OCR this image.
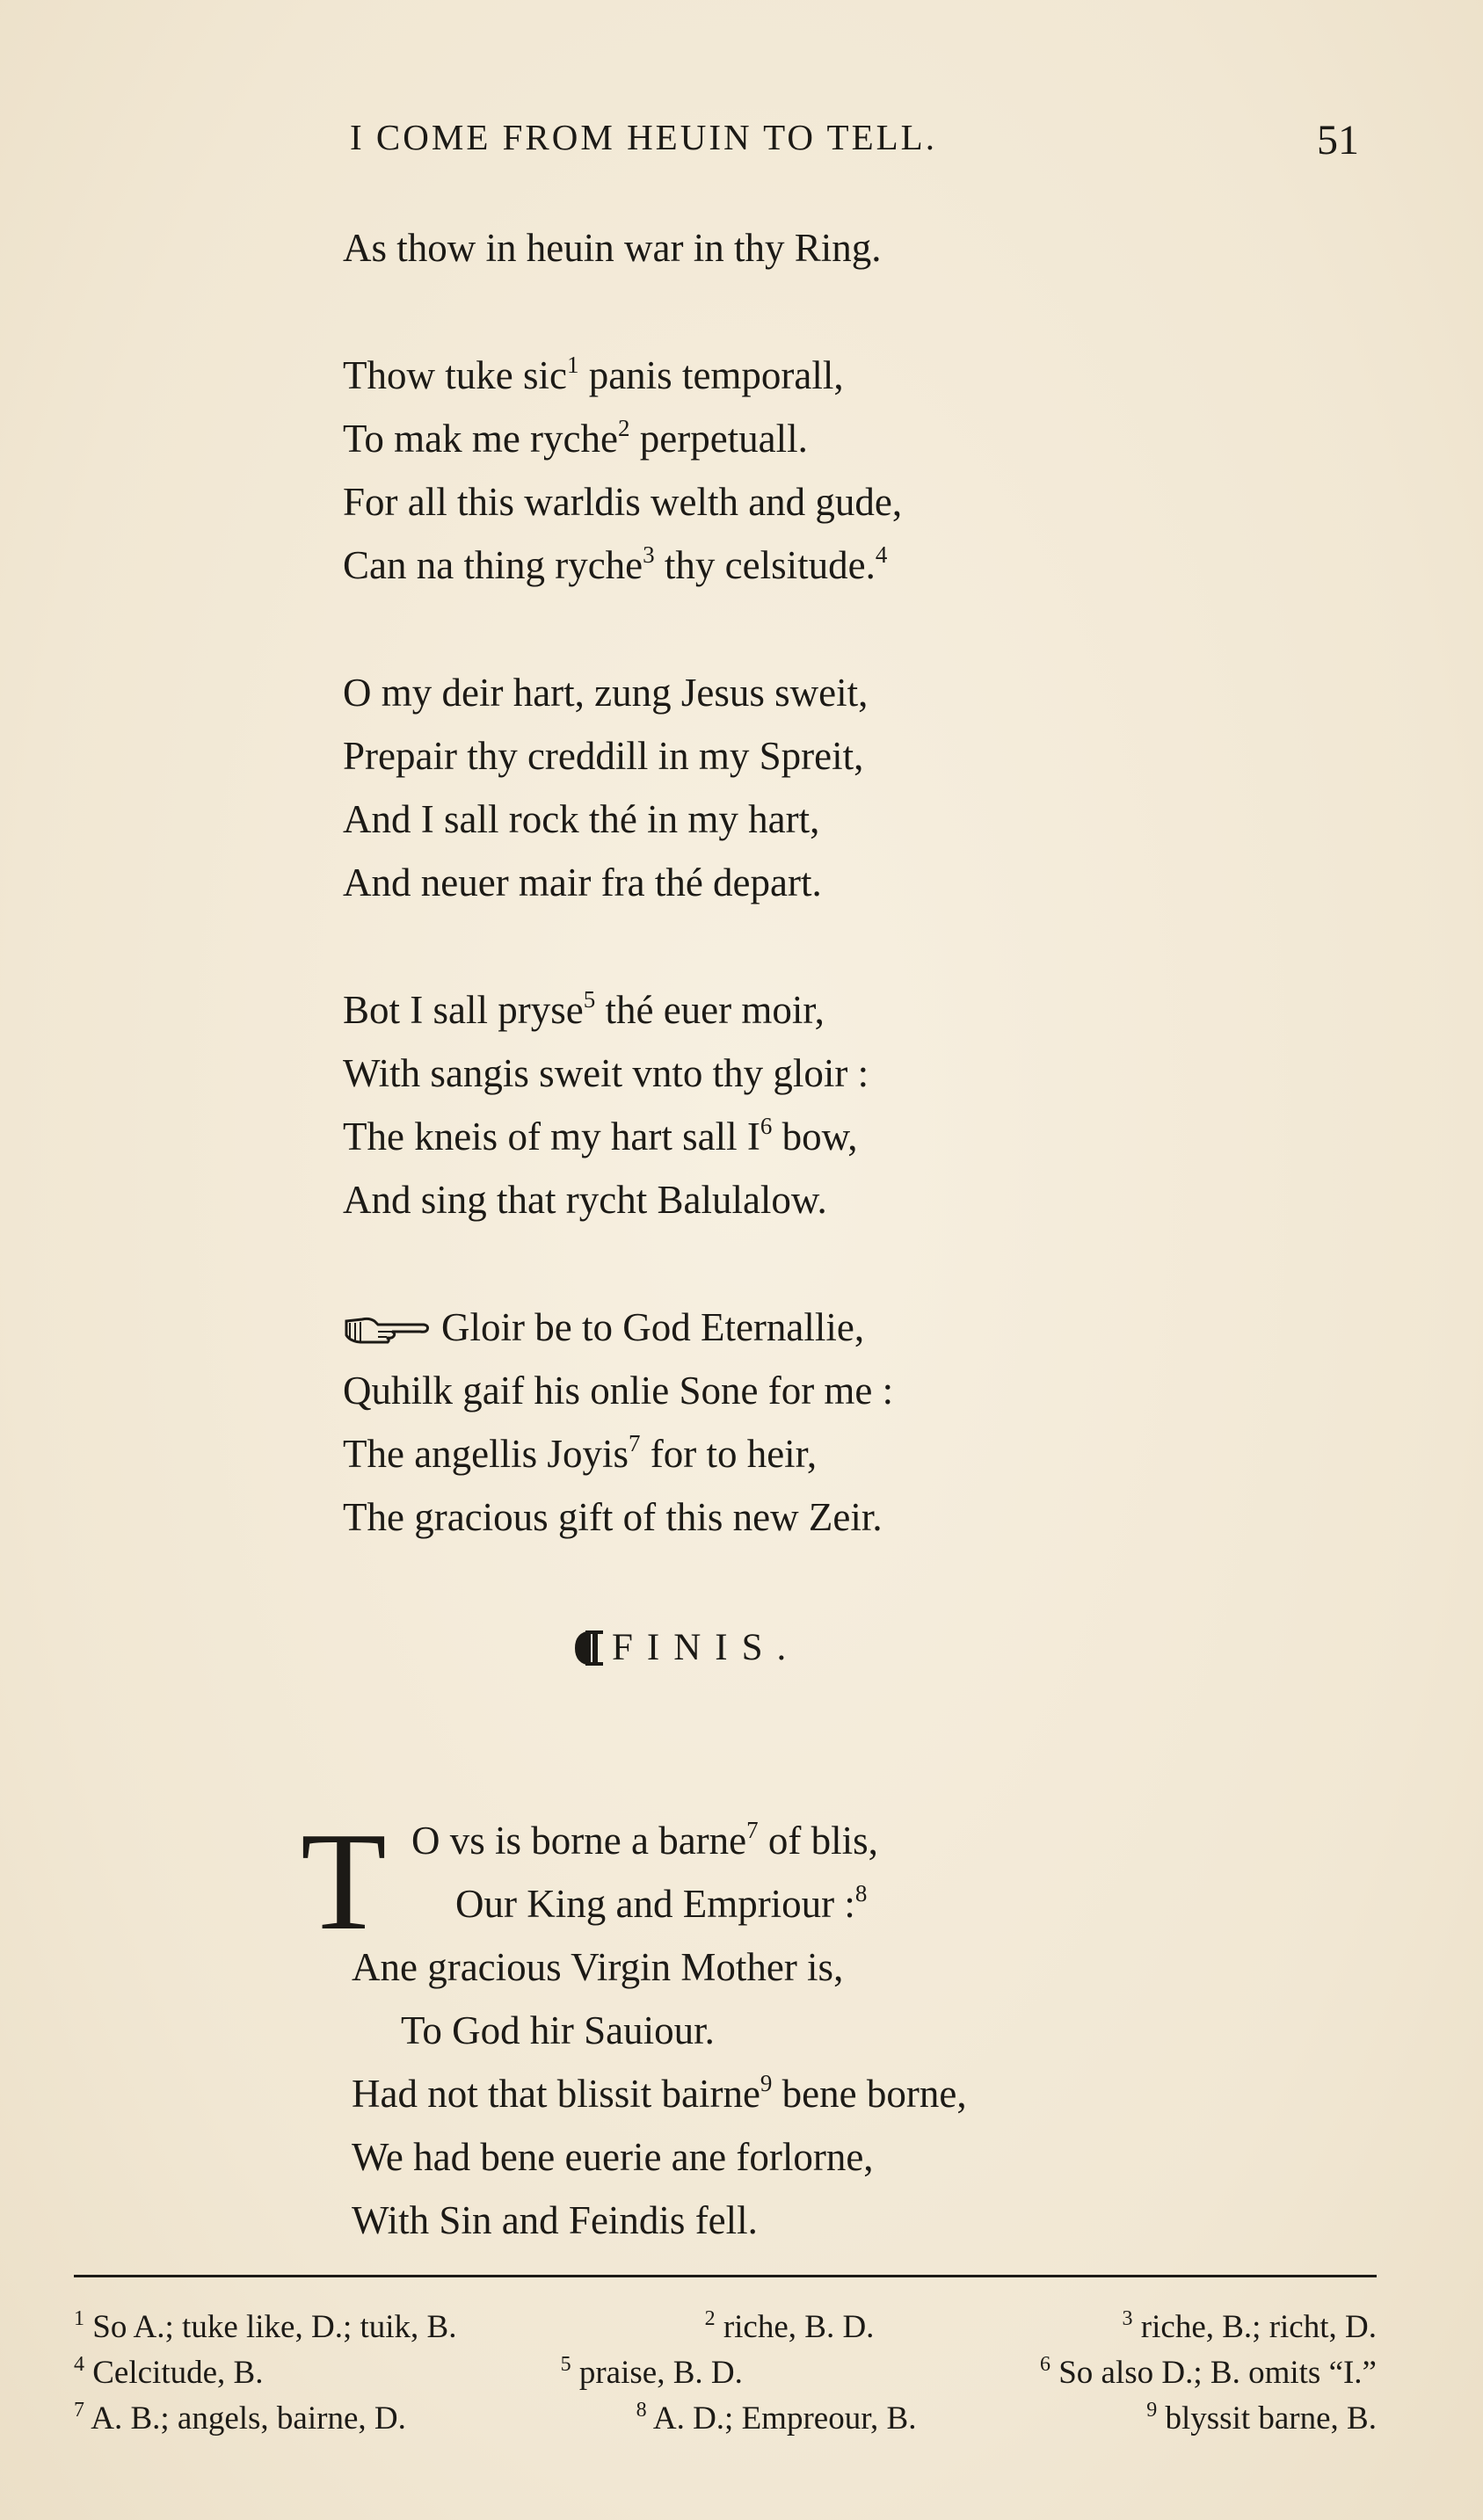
I COME FROM HEUIN TO TELL.	51
As thow in heuin war in thy Ring.
Thow tuke sic$^1$ panis temporall,
To mak me ryche$^2$ perpetuall.
For all this warldis welth and gude,
Can na thing ryche$^3$ thy celsitude.$^4$
O my deir hart, zung Jesus sweit,
Prepair thy creddill in my Spreit,
And I sall rock thé in my hart,
And neuer mair fra thé depart.
Bot I sall pryse$^5$ thé euer moir,
With sangis sweit vnto thy gloir :
The kneis of my hart sall $I^6$ bow,
And sing that rycht Balulalow.
Gloir be to God Eternallie,
Quhilk gaif his onlie Sone for me :
The angellis Joyis$^7$ for to heir,
The gracious gift of this new Zeir.
FINIS.
T O vs is borne a barne$^7$ of blis,
Our King and Empriour :$^8$
Ane gracious Virgin Mother is,
To God hir Sauiour.
Had not that blissit bairne$^9$ bene borne,
We had bene euerie ane forlorne,
With Sin and Feindis fell.
$^1$ So A.; tuke like, D.; tuik, B.	$^2$ riche, B. D.	$^3$ riche, B.; richt, D.
$^4$ Celcitude, B.	$^5$ praise, B. D.	$^6$ So also D.; B. omits “I.”
$^7$ A. B.; angels, bairne, D.	$^8$ A. D.; Empreour, B.	$^9$ blyssit barne, B.
